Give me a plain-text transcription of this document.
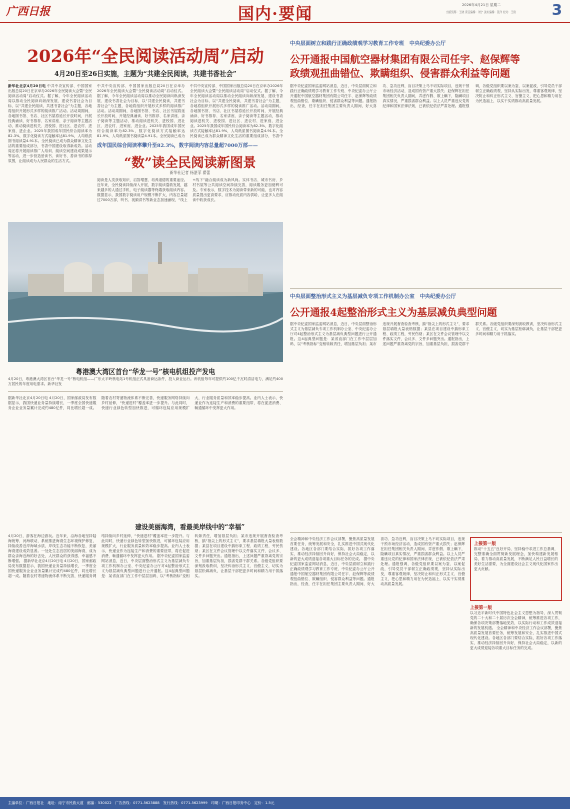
广西日报	国内·要闻	2026年4月21日 星期二
出版统筹：王晓 责任编辑：刘宁 美术编辑：张洋 校对：王艳	3
2026年“全民阅读活动周”启动
4月20日至26日实施，主题为“共建全民阅读，共建书香社会”
新华社北京4月20日电 中共中央宣传部、中国国家出版总局20日在京举办2026年全民阅读大会暨“全民阅读活动周”启动仪式。据了解，今年全民阅读活动周以推动全民阅读向纵深发展、建设书香社会为目标，以“共建全民阅读，共建书香社会”为主题，各地将组织开展形式多样的阅读推广活动。活动周期间，各地图书馆、书店、社区书屋将延长开放时间，开展经典诵读、好书推荐、名家讲座、亲子阅读等主题活动，推动阅读进机关、进校园、进社区、进农村、进家庭、进企业。2025年我国成年国民综合阅读率为82.3%，数字化阅读方式接触率达81.9%，人均纸质图书阅读量4.91本。全民阅读已成为群众精神文化生活的重要组成部分，书香中国建设取得新成效。活动周还将开展阅读推广人培训、阅读空间建设成果展示等活动，进一步营造爱读书、读好书、善读书的浓厚氛围，让阅读成为人民群众的生活方式。
中共中央宣传部、中国国家出版总局20日在京举办2026年全民阅读大会暨“全民阅读活动周”启动仪式。据了解，今年全民阅读活动周以推动全民阅读向纵深发展、建设书香社会为目标，以“共建全民阅读，共建书香社会”为主题，各地将组织开展形式多样的阅读推广活动。活动周期间，各地图书馆、书店、社区书屋将延长开放时间，开展经典诵读、好书推荐、名家讲座、亲子阅读等主题活动，推动阅读进机关、进校园、进社区、进农村、进家庭、进企业。2025年我国成年国民综合阅读率为82.3%，数字化阅读方式接触率达81.9%，人均纸质图书阅读量4.91本。全民阅读已成为
中共中央宣传部、中国国家出版总局20日在京举办2026年全民阅读大会暨“全民阅读活动周”启动仪式。据了解，今年全民阅读活动周以推动全民阅读向纵深发展、建设书香社会为目标，以“共建全民阅读，共建书香社会”为主题，各地将组织开展形式多样的阅读推广活动。活动周期间，各地图书馆、书店、社区书屋将延长开放时间，开展经典诵读、好书推荐、名家讲座、亲子阅读等主题活动，推动阅读进机关、进校园、进社区、进农村、进家庭、进企业。2025年我国成年国民综合阅读率为82.3%，数字化阅读方式接触率达81.9%，人均纸质图书阅读量4.91本。全民阅读已成为群众精神文化生活的重要组成部分，书香中
成年国民综合阅读率攀升至82.3%，数字阅读内容总量超7000万部——
“数”读全民阅读新图景
新华社记者 杨湛菲 翟蕾
阅读是人类获取知识、启智增慧、培养道德的重要途径。近年来，全民阅读持续深入开展，数字阅读蓬勃发展，越来越多的人通过手机、电子阅读器等终端获取阅读内容。数据显示，我国数字阅读用户规模不断扩大，内容总量超过7000万部，听书、视频讲书等新业态加速涌现，“线上+线下”融合阅读成为新风尚。实体书店、城市书房、乡村书屋等公共阅读空间持续完善，阅读服务更加便利可及。专家表示，数字技术为阅读带来新的可能，也对内容质量提出更高要求，应推动优质内容供给，让更多人在阅读中收获成长。
粤港澳大湾区首台“华龙一号”核电机组投产发电
4月20日，粤港澳大湾区首台“华龙一号”核电机组——广东太平岭核电站1号机组正式具备商运条件，投入商业运行。该机组每年可提供约100亿千瓦时清洁电力，满足约400万居民的年度用电需求。新华社发
中央层面树立和践行正确政绩观学习教育工作专班　中央纪委办公厅
公开通报中国航空器材集团有限公司任宇、赵保辉等
政绩观扭曲错位、欺瞒组织、侵害群众利益等问题
据中央纪委国家监委网站消息，近日，中央层面树立和践行正确政绩观学习教育工作专班、中央纪委办公厅公开通报中国航空器材集团有限公司任宇、赵保辉等政绩观扭曲错位、欺瞒组织、侵害群众利益等问题。通报指出，经查，任宇在担任集团主要负责人期间，好大喜功、急功近利，盲目决策上马不切实际项目，违规干预市场经济活动，造成国有资产重大损失；赵保辉在担任集团相关负责人期间，弄虚作假、欺上瞒下，隐瞒项目真实情况，严重损害群众利益。以上人员严重违反党的纪律和国家法律法规，已被依纪依法严肃处理。通报强调，各级党组织要以案为鉴、以案促改，引导党员干部树立正确政绩观，坚持从实际出发，尊重客观规律，坚决防止和纠正形式主义、官僚主义，把心思和精力用在为民造福上，以实干实绩推动高质量发展。
中央层面整治形式主义为基层减负专项工作机制办公室　中央纪委办公厅
公开通报4起整治形式主义为基层减负典型问题
据中央纪委国家监委网站消息，近日，中央层面整治形式主义为基层减负专项工作机制办公室、中央纪委办公厅对4起整治形式主义为基层减负典型问题进行公开通报。这4起典型问题是：某省直部门在工作中层层加码，以“考核指标”变相转嫁责任，增加基层负担；某市违规开展督查检查考核，搞“指尖上的形式主义”，要求基层填报大量表格数据；某县在项目建设中搞形象工程、政绩工程，劳民伤财；某区在文件会议管理中以文件落实文件，会议多、文件多问题突出。通报指出，上述问题严重背离党的宗旨，加重基层负担，损害党群干群关系。各级党组织要深刻汲取教训，坚决纠治形式主义、官僚主义，切实为基层松绑减负，让基层干部把更多时间和精力用于抓落实。
据新华社北京4月20日电 4月20日，国家邮政局发布数据显示，我国快递业务量持续增长，一季度全国快递服务企业业务量累计完成约480亿件，同比增长超一成。随着农村寄递物流体系不断完善，快递服务网络持续向乡村延伸，“快递进村”覆盖率进一步提升。与此同时，快递行业绿色转型加快推进，可循环包装应用规模扩大，行业服务质量和效率稳步提高。业内人士表示，快递业作为连接生产和消费的重要纽带，将在促进消费、畅通循环中发挥更大作用。
建设美丽海湾，看最美岸线中的“幸福”
4月20日，游客在海边游玩。近年来，沿海各地坚持陆海统筹、河海联动，系统推进海湾生态环境保护修复，持续改善近岸海域水质，岸线生态功能不断恢复，美丽海湾建设成效显著。一处处生态宜居的美丽海湾，成为群众亲海近海的好去处，人民群众的获得感、幸福感不断增强。 据新华社北京4月20日电 4月20日，国家邮政局发布数据显示，我国快递业务量持续增长，一季度全国快递服务企业业务量累计完成约480亿件，同比增长超一成。随着农村寄递物流体系不断完善，快递服务网络持续向乡村延伸，“快递进村”覆盖率进一步提升。与此同时，快递行业绿色转型加快推进，可循环包装应用规模扩大，行业服务质量和效率稳步提高。业内人士表示，快递业作为连接生产和消费的重要纽带，将在促进消费、畅通循环中发挥更大作用。 据中央纪委国家监委网站消息，近日，中央层面整治形式主义为基层减负专项工作机制办公室、中央纪委办公厅对4起整治形式主义为基层减负典型问题进行公开通报。这4起典型问题是：某省直部门在工作中层层加码，以“考核指标”变相转嫁责任，增加基层负担；某市违规开展督查检查考核，搞“指尖上的形式主义”，要求基层填报大量表格数据；某县在项目建设中搞形象工程、政绩工程，劳民伤财；某区在文件会议管理中以文件落实文件，会议多、文件多问题突出。通报指出，上述问题严重背离党的宗旨，加重基层负担，损害党群干群关系。各级党组织要深刻汲取教训，坚决纠治形式主义、官僚主义，切实为基层松绑减负，让基层干部把更多时间和精力用于抓落实。
全会精神和中央经济工作会议部署，聚焦高质量发展首要任务，统筹发展和安全，扎实推进中国式现代化建设。各地区各部门要结合实际，抓好各项工作落实，推动经济持续回升向好，保持社会大局稳定，以新的更大成绩迎接各项重大目标任务的完成。 据中央纪委国家监委网站消息，近日，中央层面树立和践行正确政绩观学习教育工作专班、中央纪委办公厅公开通报中国航空器材集团有限公司任宇、赵保辉等政绩观扭曲错位、欺瞒组织、侵害群众利益等问题。通报指出，经查，任宇在担任集团主要负责人期间，好大喜功、急功近利，盲目决策上马不切实际项目，违规干预市场经济活动，造成国有资产重大损失；赵保辉在担任集团相关负责人期间，弄虚作假、欺上瞒下，隐瞒项目真实情况，严重损害群众利益。以上人员严重违反党的纪律和国家法律法规，已被依纪依法严肃处理。通报强调，各级党组织要以案为鉴、以案促改，引导党员干部树立正确政绩观，坚持从实际出发，尊重客观规律，坚决防止和纠正形式主义、官僚主义，把心思和精力用在为民造福上，以实干实绩推动高质量发展。
上接第一版
推动“十五五”良好开局，坚持稳中求进工作总基调，完整准确全面贯彻新发展理念，加快构建新发展格局，着力推动高质量发展，不断满足人民日益增长的美好生活需要，为全面建设社会主义现代化国家作出更大贡献。
上接第一版
以习近平新时代中国特色社会主义思想为指导，深入贯彻党的二十大和二十届历次全会精神，统筹推进各项工作，确保各项决策部署落地见效，以实际行动和工作成效迎接新的发展机遇。 全会精神和中央经济工作会议部署，聚焦高质量发展首要任务，统筹发展和安全，扎实推进中国式现代化建设。各地区各部门要结合实际，抓好各项工作落实，推动经济持续回升向好，保持社会大局稳定，以新的更大成绩迎接各项重大目标任务的完成。
主编单位：广西日报社　地址：南宁市民族大道　邮编：530022　广告热线：0771-5623888　发行热线：0771-5623999　印刷：广西日报印务中心　定价：1.5元
